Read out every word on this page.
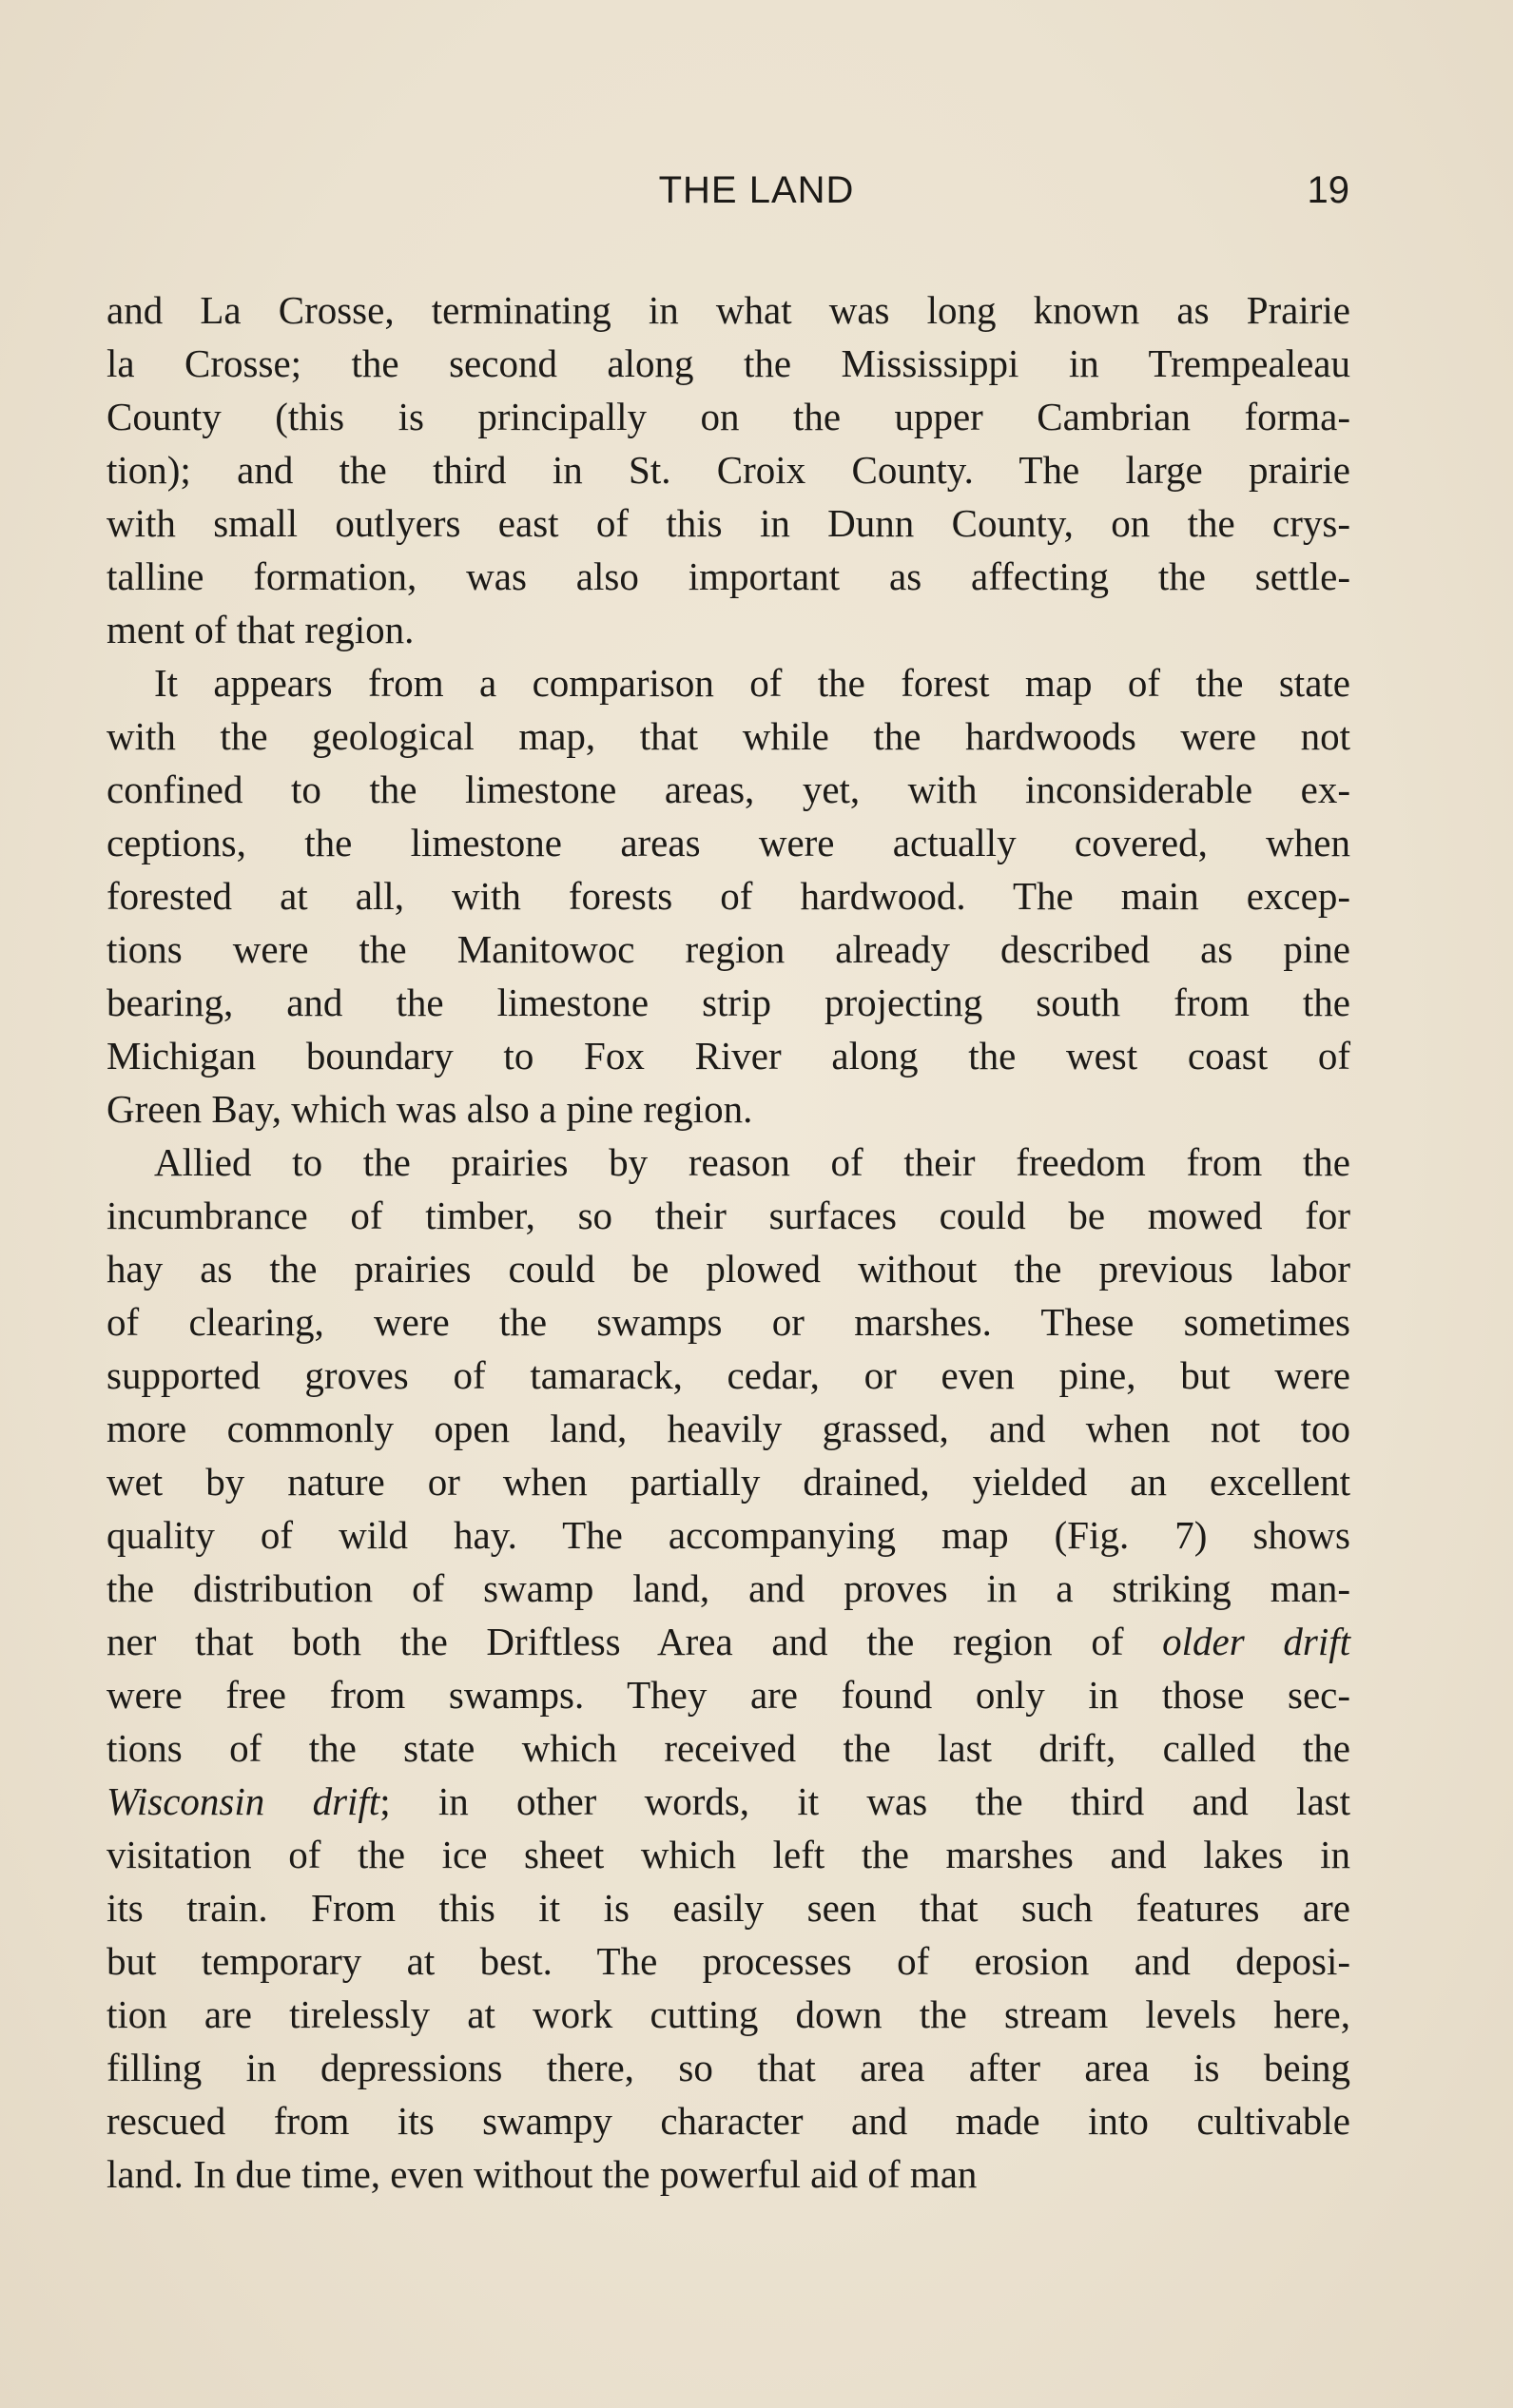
THE LAND	19
and La Crosse, terminating in what was long known as Prairie
la Crosse; the second along the Mississippi in Trempealeau
County (this is principally on the upper Cambrian forma-
tion); and the third in St. Croix County. The large prairie
with small outlyers east of this in Dunn County, on the crys-
talline formation, was also important as affecting the settle-
ment of that region.
It appears from a comparison of the forest map of the state
with the geological map, that while the hardwoods were not
confined to the limestone areas, yet, with inconsiderable ex-
ceptions, the limestone areas were actually covered, when
forested at all, with forests of hardwood. The main excep-
tions were the Manitowoc region already described as pine
bearing, and the limestone strip projecting south from the
Michigan boundary to Fox River along the west coast of
Green Bay, which was also a pine region.
Allied to the prairies by reason of their freedom from the
incumbrance of timber, so their surfaces could be mowed for
hay as the prairies could be plowed without the previous labor
of clearing, were the swamps or marshes. These sometimes
supported groves of tamarack, cedar, or even pine, but were
more commonly open land, heavily grassed, and when not too
wet by nature or when partially drained, yielded an excellent
quality of wild hay. The accompanying map (Fig. 7) shows
the distribution of swamp land, and proves in a striking man-
ner that both the Driftless Area and the region of older drift
were free from swamps. They are found only in those sec-
tions of the state which received the last drift, called the
Wisconsin drift; in other words, it was the third and last
visitation of the ice sheet which left the marshes and lakes in
its train. From this it is easily seen that such features are
but temporary at best. The processes of erosion and deposi-
tion are tirelessly at work cutting down the stream levels here,
filling in depressions there, so that area after area is being
rescued from its swampy character and made into cultivable
land. In due time, even without the powerful aid of man
